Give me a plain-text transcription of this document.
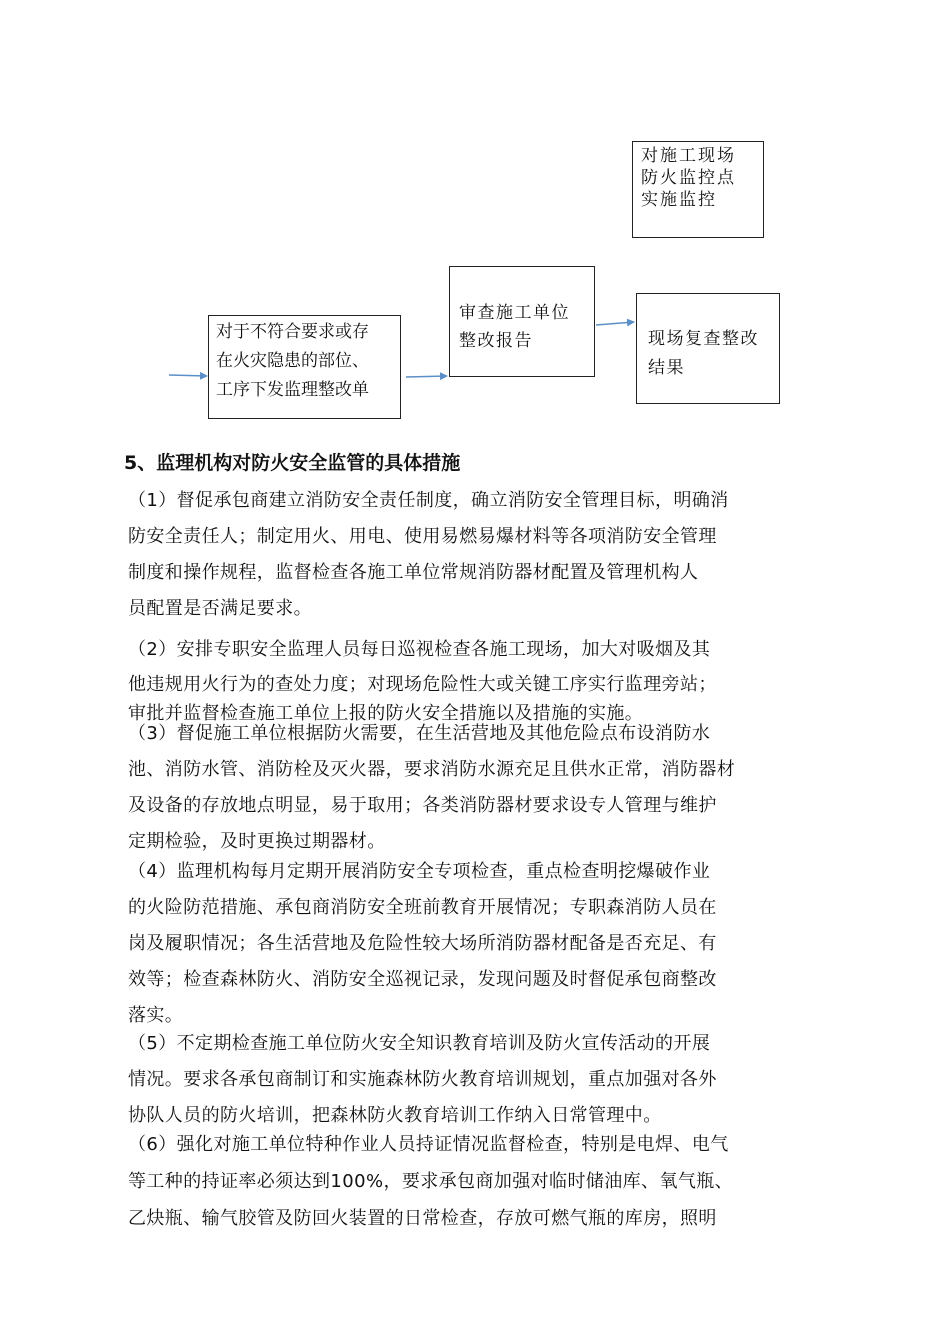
对施工现场
防火监控点
实施监控
审查施工单位
整改报告
对于不符合要求或存
在火灾隐患的部位、
工序下发监理整改单
现场复查整改
结果
5、监理机构对防火安全监管的具体措施
（1）督促承包商建立消防安全责任制度，确立消防安全管理目标，明确消
防安全责任人；制定用火、用电、使用易燃易爆材料等各项消防安全管理
制度和操作规程，监督检查各施工单位常规消防器材配置及管理机构人
员配置是否满足要求。
（2）安排专职安全监理人员每日巡视检查各施工现场，加大对吸烟及其
他违规用火行为的查处力度；对现场危险性大或关键工序实行监理旁站；
审批并监督检查施工单位上报的防火安全措施以及措施的实施。
（3）督促施工单位根据防火需要，在生活营地及其他危险点布设消防水
池、消防水管、消防栓及灭火器，要求消防水源充足且供水正常，消防器材
及设备的存放地点明显，易于取用；各类消防器材要求设专人管理与维护
定期检验，及时更换过期器材。
（4）监理机构每月定期开展消防安全专项检查，重点检查明挖爆破作业
的火险防范措施、承包商消防安全班前教育开展情况；专职森消防人员在
岗及履职情况；各生活营地及危险性较大场所消防器材配备是否充足、有
效等；检查森林防火、消防安全巡视记录，发现问题及时督促承包商整改
落实。
（5）不定期检查施工单位防火安全知识教育培训及防火宣传活动的开展
情况。要求各承包商制订和实施森林防火教育培训规划，重点加强对各外
协队人员的防火培训，把森林防火教育培训工作纳入日常管理中。
（6）强化对施工单位特种作业人员持证情况监督检查，特别是电焊、电气
等工种的持证率必须达到100%，要求承包商加强对临时储油库、氧气瓶、
乙炔瓶、输气胶管及防回火装置的日常检查，存放可燃气瓶的库房，照明
